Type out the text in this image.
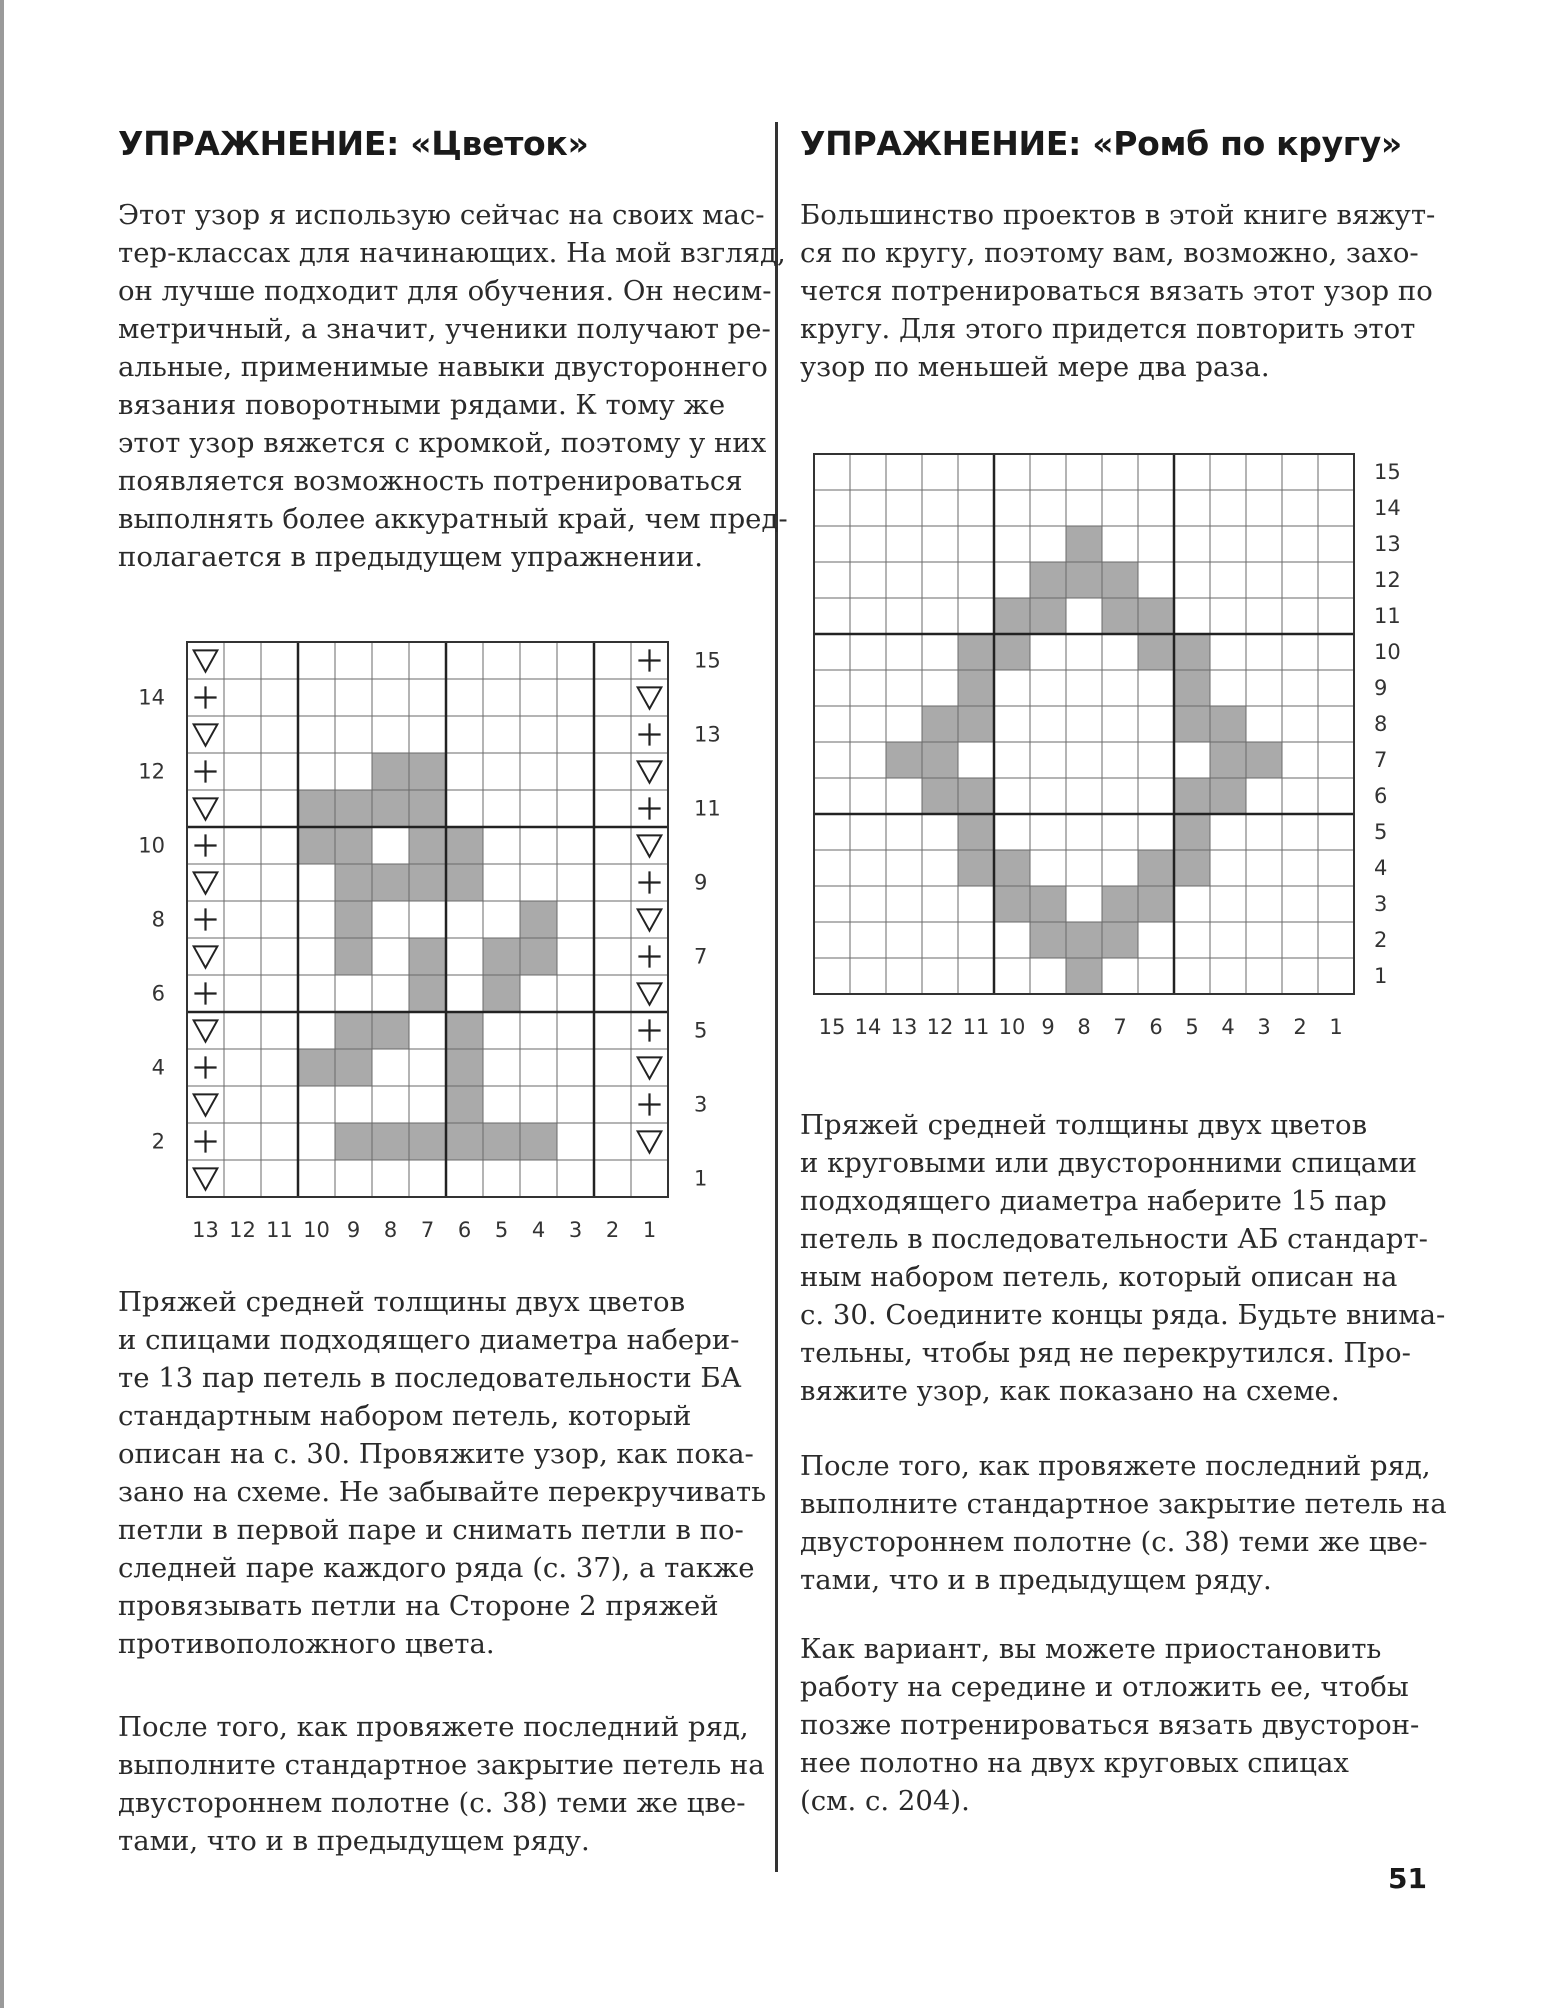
УПРАЖНЕНИЕ: «Цветок»
Этот узор я использую сейчас на своих мас-
тер-классах для начинающих. На мой взгляд,
он лучше подходит для обучения. Он несим-
метричный, а значит, ученики получают ре-
альные, применимые навыки двустороннего
вязания поворотными рядами. К тому же
этот узор вяжется с кромкой, поэтому у них
появляется возможность потренироваться
выполнять более аккуратный край, чем пред-
полагается в предыдущем упражнении.
13 12 11 10 9 8 7 6 5 4 3 2 1
15
13
11
9
7
5
3
1
14
12
10
8
6
4
2
Пряжей средней толщины двух цветов
и спицами подходящего диаметра набери-
те 13 пар петель в последовательности БА
стандартным набором петель, который
описан на с. 30. Провяжите узор, как пока-
зано на схеме. Не забывайте перекручивать
петли в первой паре и снимать петли в по-
следней паре каждого ряда (с. 37), а также
провязывать петли на Стороне 2 пряжей
противоположного цвета.
После того, как провяжете последний ряд,
выполните стандартное закрытие петель на
двустороннем полотне (с. 38) теми же цве-
тами, что и в предыдущем ряду.
УПРАЖНЕНИЕ: «Ромб по кругу»
Большинство проектов в этой книге вяжут-
ся по кругу, поэтому вам, возможно, захо-
чется потренироваться вязать этот узор по
кругу. Для этого придется повторить этот
узор по меньшей мере два раза.
15 14 13 12 11 10 9 8 7 6 5 4 3 2 1
15
14
13
12
11
10
9
8
7
6
5
4
3
2
1
Пряжей средней толщины двух цветов
и круговыми или двусторонними спицами
подходящего диаметра наберите 15 пар
петель в последовательности АБ стандарт-
ным набором петель, который описан на
с. 30. Соедините концы ряда. Будьте внима-
тельны, чтобы ряд не перекрутился. Про-
вяжите узор, как показано на схеме.
После того, как провяжете последний ряд,
выполните стандартное закрытие петель на
двустороннем полотне (с. 38) теми же цве-
тами, что и в предыдущем ряду.
Как вариант, вы можете приостановить
работу на середине и отложить ее, чтобы
позже потренироваться вязать двусторон-
нее полотно на двух круговых спицах
(см. с. 204).
51
